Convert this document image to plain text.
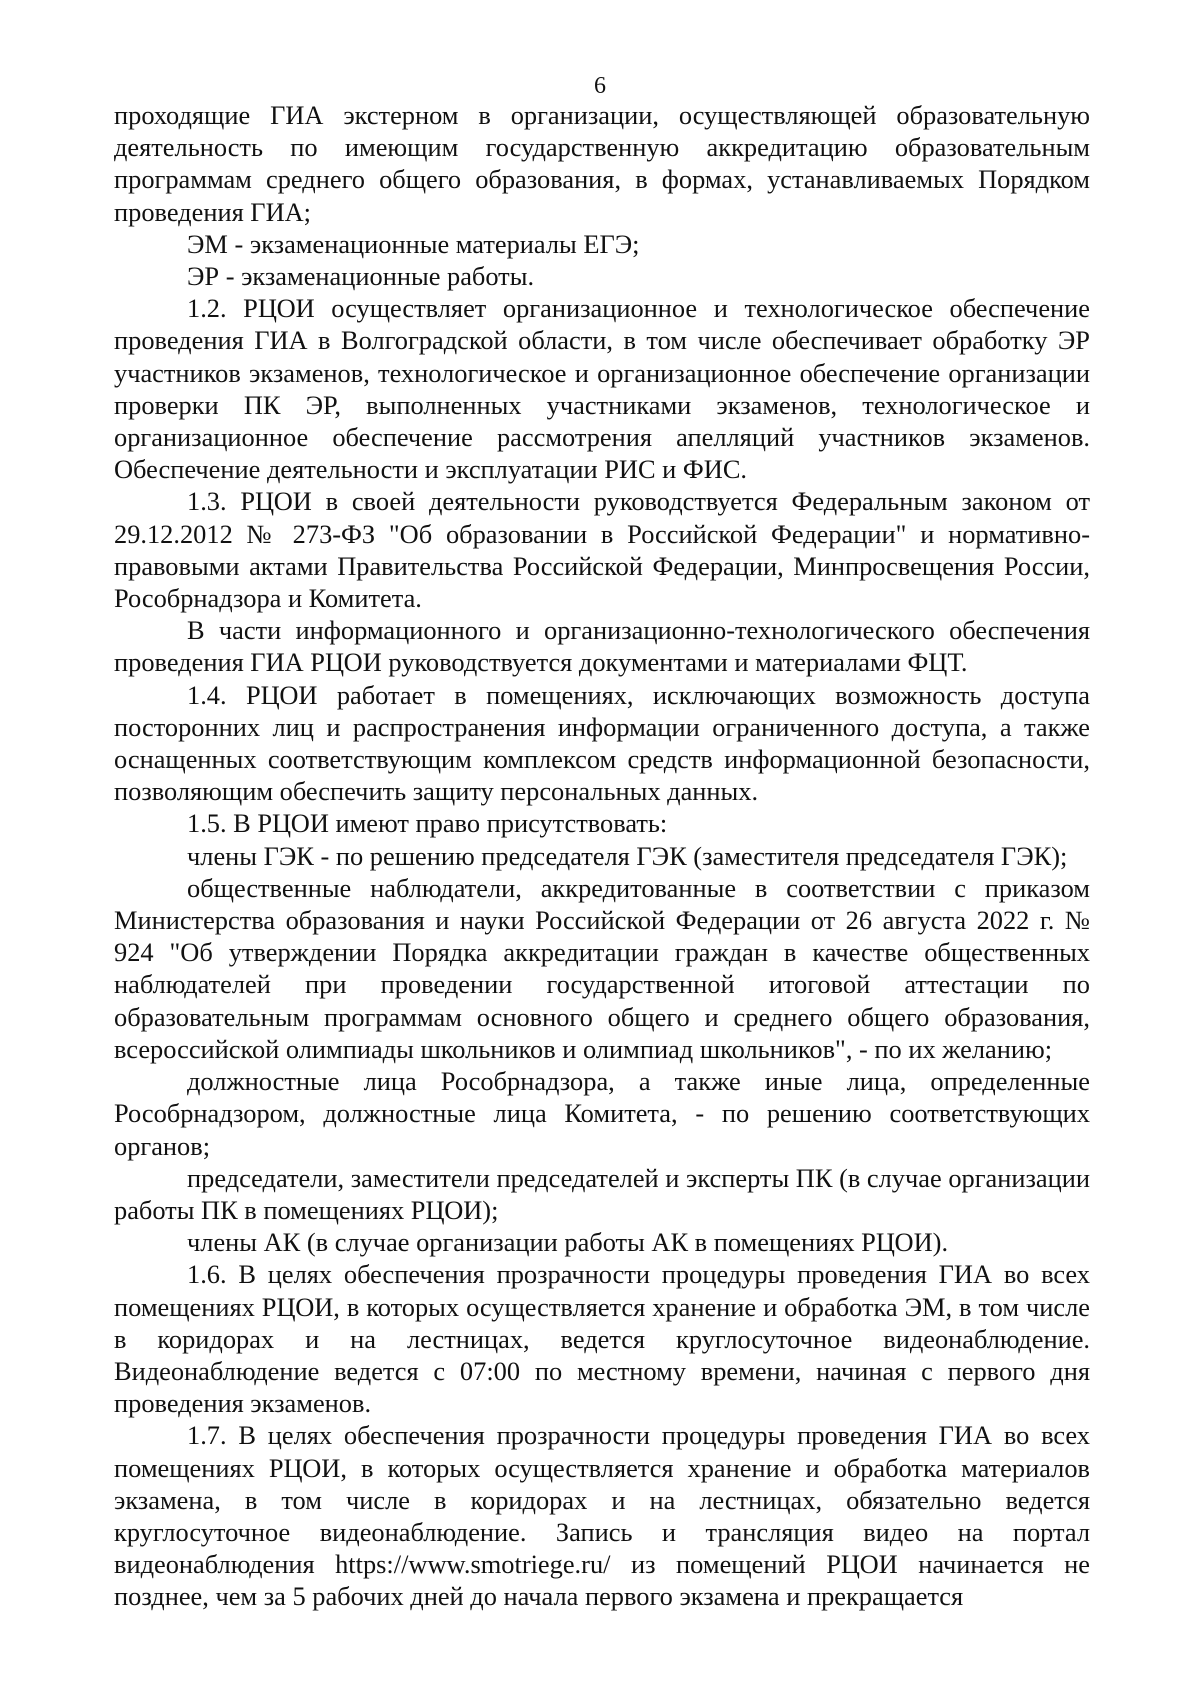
6

проходящие ГИА экстерном в организации, осуществляющей образовательную деятельность по имеющим государственную аккредитацию образовательным программам среднего общего образования, в формах, устанавливаемых Порядком проведения ГИА;

ЭМ - экзаменационные материалы ЕГЭ;

ЭР - экзаменационные работы.

1.2. РЦОИ осуществляет организационное и технологическое обеспечение проведения ГИА в Волгоградской области, в том числе обеспечивает обработку ЭР участников экзаменов, технологическое и организационное обеспечение организации проверки ПК ЭР, выполненных участниками экзаменов, технологическое и организационное обеспечение рассмотрения апелляций участников экзаменов. Обеспечение деятельности и эксплуатации РИС и ФИС.

1.3. РЦОИ в своей деятельности руководствуется Федеральным законом от 29.12.2012 № 273-ФЗ "Об образовании в Российской Федерации" и нормативно-правовыми актами Правительства Российской Федерации, Минпросвещения России, Рособрнадзора и Комитета.

В части информационного и организационно-технологического обеспечения проведения ГИА РЦОИ руководствуется документами и материалами ФЦТ.

1.4. РЦОИ работает в помещениях, исключающих возможность доступа посторонних лиц и распространения информации ограниченного доступа, а также оснащенных соответствующим комплексом средств информационной безопасности, позволяющим обеспечить защиту персональных данных.

1.5. В РЦОИ имеют право присутствовать:

члены ГЭК - по решению председателя ГЭК (заместителя председателя ГЭК);

общественные наблюдатели, аккредитованные в соответствии с приказом Министерства образования и науки Российской Федерации от 26 августа 2022 г. № 924 "Об утверждении Порядка аккредитации граждан в качестве общественных наблюдателей при проведении государственной итоговой аттестации по образовательным программам основного общего и среднего общего образования, всероссийской олимпиады школьников и олимпиад школьников", - по их желанию;

должностные лица Рособрнадзора, а также иные лица, определенные Рособрнадзором, должностные лица Комитета, - по решению соответствующих органов;

председатели, заместители председателей и эксперты ПК (в случае организации работы ПК в помещениях РЦОИ);

члены АК (в случае организации работы АК в помещениях РЦОИ).

1.6. В целях обеспечения прозрачности процедуры проведения ГИА во всех помещениях РЦОИ, в которых осуществляется хранение и обработка ЭМ, в том числе в коридорах и на лестницах, ведется круглосуточное видеонаблюдение. Видеонаблюдение ведется с 07:00 по местному времени, начиная с первого дня проведения экзаменов.

1.7. В целях обеспечения прозрачности процедуры проведения ГИА во всех помещениях РЦОИ, в которых осуществляется хранение и обработка материалов экзамена, в том числе в коридорах и на лестницах, обязательно ведется круглосуточное видеонаблюдение. Запись и трансляция видео на портал видеонаблюдения https://www.smotriege.ru/ из помещений РЦОИ начинается не позднее, чем за 5 рабочих дней до начала первого экзамена и прекращается
